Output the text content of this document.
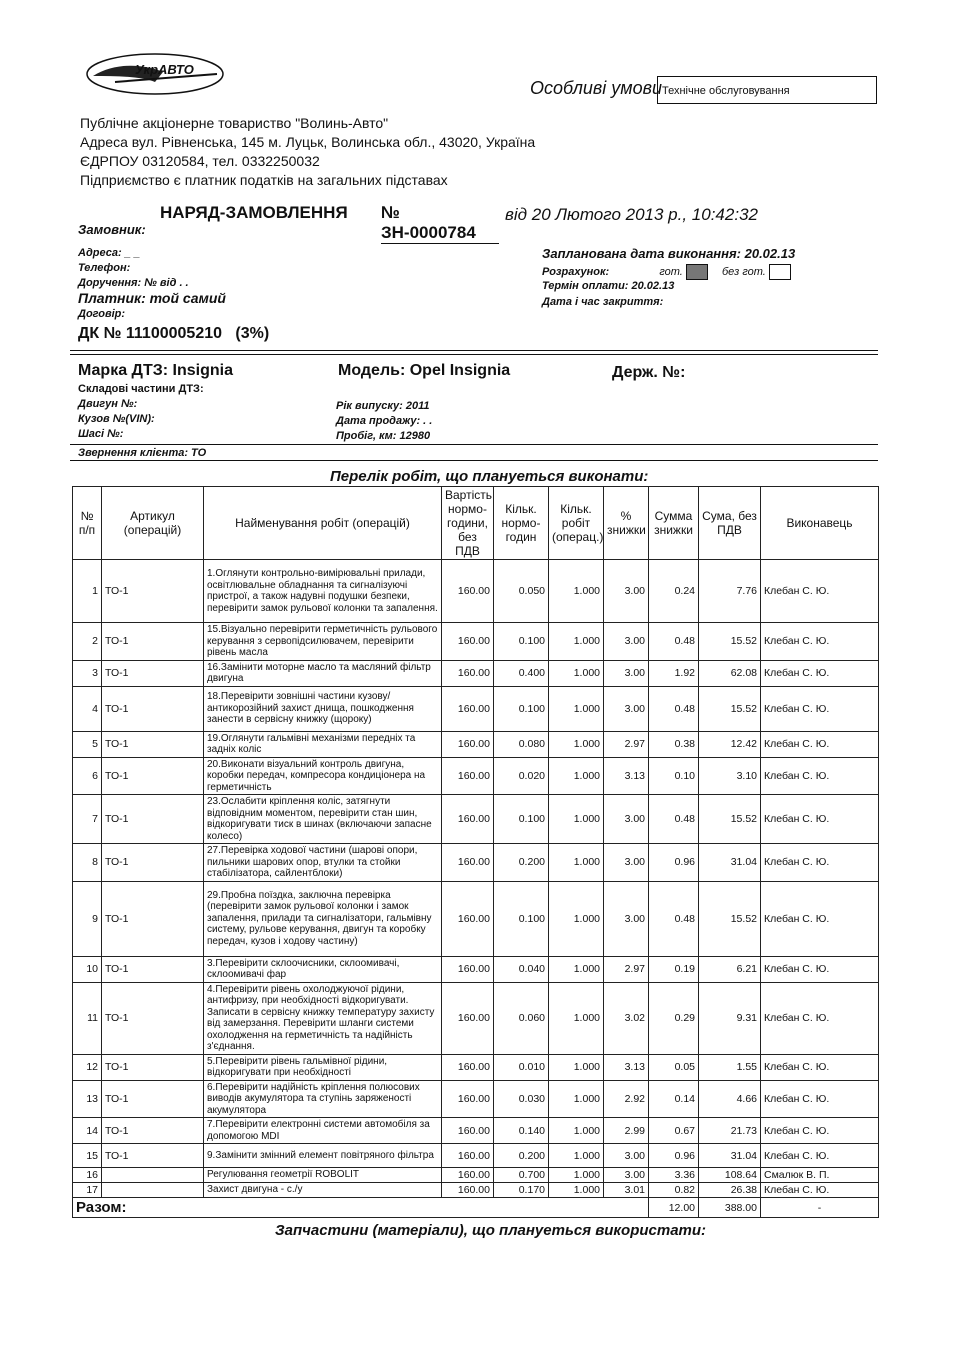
УкрАВТО
Публічне акціонерне товариство "Волинь-Авто"
Адреса вул. Рівненська, 145 м. Луцьк, Волинська обл., 43020, Україна
ЄДРПОУ 03120584, тел. 0332250032
Підприємство є платник податків на загальних підставах
Особливі умови Технічне обслуговування
НАРЯД-ЗАМОВЛЕННЯ № ЗН-0000784
від 20 Лютого 2013 р., 10:42:32
Замовник:
Адреса: _ _
Телефон:
Доручення: № від . .
Платник: той самий
Договір:
ДК № 11100005210 (3%)
Запланована дата виконання: 20.02.13
Розрахунок:	гот.	без гот.
Термін оплати: 20.02.13
Дата і час закриття:
Марка ДТЗ: Insignia	Модель: Opel Insignia	Держ. №:
Складові частини ДТЗ:
Двигун №:
Кузов №(VIN):
Шасі №:
Рік випуску: 2011
Дата продажу: . .
Пробіг, км: 12980
Звернення клієнта: ТО
Перелік робіт, що плануеться виконати:
№ п/п	Артикул (операцій)	Найменування робіт (операцій)	Вартість нормо-години, без ПДВ	Кільк. нормо-годин	Кільк. робіт (операц.)	% знижки	Сумма знижки	Сума, без ПДВ	Виконавець
1	ТО-1	1.Оглянути контрольно-вимірювальні прилади, освітлювальне обладнання та сигналізуючі пристрої, а також надувні подушки безпеки, перевірити замок рульової колонки та запалення.	160.00	0.050	1.000	3.00	0.24	7.76	Клебан С. Ю.
2	ТО-1	15.Візуально перевірити герметичність рульового керування з сервопідсилювачем, перевірити рівень масла	160.00	0.100	1.000	3.00	0.48	15.52	Клебан С. Ю.
3	ТО-1	16.Замінити моторне масло та масляний фільтр двигуна	160.00	0.400	1.000	3.00	1.92	62.08	Клебан С. Ю.
4	ТО-1	18.Перевірити зовнішні частини кузову/антикорозійний захист днища, пошкодження занести в сервісну книжку (щороку)	160.00	0.100	1.000	3.00	0.48	15.52	Клебан С. Ю.
5	ТО-1	19.Оглянути гальмівні механізми передніх та задніх коліс	160.00	0.080	1.000	2.97	0.38	12.42	Клебан С. Ю.
6	ТО-1	20.Виконати візуальний контроль двигуна, коробки передач, компресора кондиціонера на герметичність	160.00	0.020	1.000	3.13	0.10	3.10	Клебан С. Ю.
7	ТО-1	23.Ослабити кріплення коліс, затягнути відповідним моментом, перевірити стан шин, відкоригувати тиск в шинах (включаючи запасне колесо)	160.00	0.100	1.000	3.00	0.48	15.52	Клебан С. Ю.
8	ТО-1	27.Перевірка ходової частини (шарові опори, пильники шарових опор, втулки та стойки стабілізатора, сайлентблоки)	160.00	0.200	1.000	3.00	0.96	31.04	Клебан С. Ю.
9	ТО-1	29.Пробна поїздка, заключна перевірка (перевірити замок рульової колонки і замок запалення, прилади та сигналізатори, гальмівну систему, рульове керування, двигун та коробку передач, кузов і ходову частину)	160.00	0.100	1.000	3.00	0.48	15.52	Клебан С. Ю.
10	ТО-1	3.Перевірити склоочисники, склоомивачі, склоомивачі фар	160.00	0.040	1.000	2.97	0.19	6.21	Клебан С. Ю.
11	ТО-1	4.Перевірити рівень охолоджуючої рідини, антифризу, при необхідності відкоригувати. Записати в сервісну книжку температуру захисту від замерзання. Перевірити шланги системи охолодження на герметичність та надійність з'єднання.	160.00	0.060	1.000	3.02	0.29	9.31	Клебан С. Ю.
12	ТО-1	5.Перевірити рівень гальмівної рідини, відкоригувати при необхідності	160.00	0.010	1.000	3.13	0.05	1.55	Клебан С. Ю.
13	ТО-1	6.Перевірити надійність кріплення полюсових виводів акумулятора та ступінь заряженості акумулятора	160.00	0.030	1.000	2.92	0.14	4.66	Клебан С. Ю.
14	ТО-1	7.Перевірити електронні системи автомобіля за допомогою MDI	160.00	0.140	1.000	2.99	0.67	21.73	Клебан С. Ю.
15	ТО-1	9.Замінити змінний елемент повітряного фільтра	160.00	0.200	1.000	3.00	0.96	31.04	Клебан С. Ю.
16		Регулювання геометрії ROBOLIT	160.00	0.700	1.000	3.00	3.36	108.64	Смалюк В. П.
17		Захист двигуна - с./у	160.00	0.170	1.000	3.01	0.82	26.38	Клебан С. Ю.
Разом:							12.00	388.00	-
Запчастини (матеріали), що плануеться використати:
